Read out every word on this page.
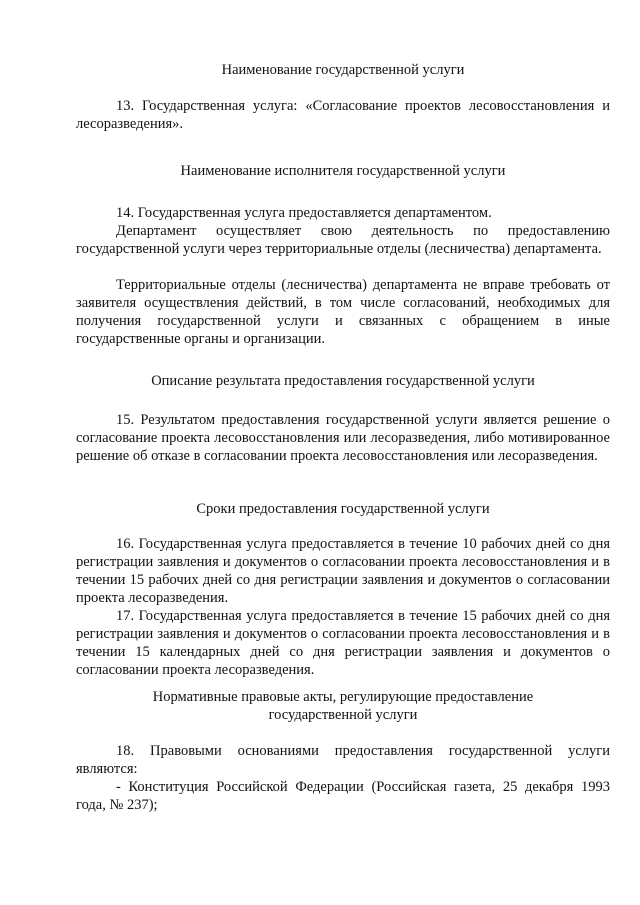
Наименование государственной услуги

13. Государственная услуга: «Согласование проектов лесовосстановления и лесоразведения».

Наименование исполнителя государственной услуги

14. Государственная услуга предоставляется департаментом.

Департамент осуществляет свою деятельность по предоставлению государственной услуги через территориальные отделы (лесничества) департамента.

Территориальные отделы (лесничества) департамента не вправе требовать от заявителя осуществления действий, в том числе согласований, необходимых для получения государственной услуги и связанных с обращением в иные государственные органы и организации.

Описание результата предоставления государственной услуги

15. Результатом предоставления государственной услуги является решение о согласование проекта лесовосстановления или лесоразведения, либо мотивированное решение об отказе в согласовании проекта лесовосстановления или лесоразведения.

Сроки предоставления государственной услуги

16. Государственная услуга предоставляется в течение 10 рабочих дней со дня регистрации заявления и документов о согласовании проекта лесовосстановления и в течении 15 рабочих дней со дня регистрации заявления и документов о согласовании проекта лесоразведения.

17. Государственная услуга предоставляется в течение 15 рабочих дней со дня регистрации заявления и документов о согласовании проекта лесовосстановления и в течении 15 календарных дней со дня регистрации заявления и документов о согласовании проекта лесоразведения.

Нормативные правовые акты, регулирующие предоставление

государственной услуги

18. Правовыми основаниями предоставления государственной услуги являются:

- Конституция Российской Федерации (Российская газета, 25 декабря 1993 года, № 237);
